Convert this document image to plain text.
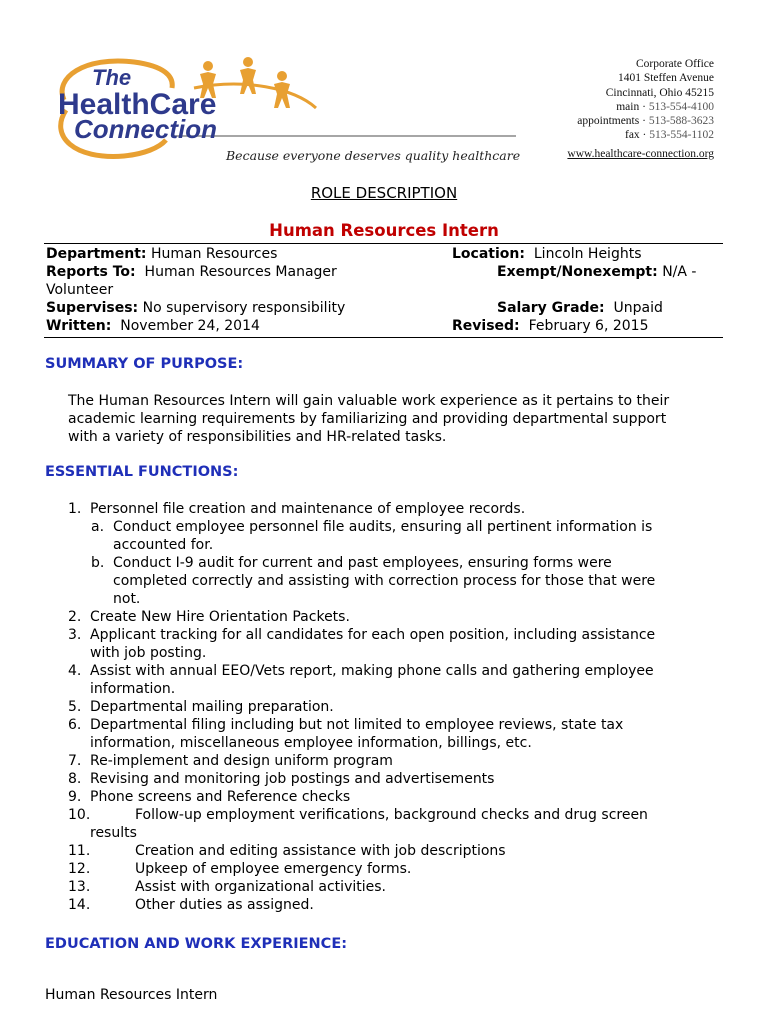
The
HealthCare
Connection
Because everyone deserves quality healthcare
Corporate Office
1401 Steffen Avenue
Cincinnati, Ohio 45215
main · 513-554-4100
appointments · 513-588-3623
fax · 513-554-1102
www.healthcare-connection.org
ROLE DESCRIPTION
Human Resources Intern
Department: Human Resources	Location: Lincoln Heights
Reports To: Human Resources Manager	Exempt/Nonexempt: N/A -
Volunteer
Supervises: No supervisory responsibility	Salary Grade: Unpaid
Written: November 24, 2014	Revised: February 6, 2015
SUMMARY OF PURPOSE:
The Human Resources Intern will gain valuable work experience as it pertains to their
academic learning requirements by familiarizing and providing departmental support
with a variety of responsibilities and HR-related tasks.
ESSENTIAL FUNCTIONS:
1. Personnel file creation and maintenance of employee records.
a. Conduct employee personnel file audits, ensuring all pertinent information is
accounted for.
b. Conduct I-9 audit for current and past employees, ensuring forms were
completed correctly and assisting with correction process for those that were
not.
2. Create New Hire Orientation Packets.
3. Applicant tracking for all candidates for each open position, including assistance
with job posting.
4. Assist with annual EEO/Vets report, making phone calls and gathering employee
information.
5. Departmental mailing preparation.
6. Departmental filing including but not limited to employee reviews, state tax
information, miscellaneous employee information, billings, etc.
7. Re-implement and design uniform program
8. Revising and monitoring job postings and advertisements
9. Phone screens and Reference checks
10.	Follow-up employment verifications, background checks and drug screen
results
11.	Creation and editing assistance with job descriptions
12.	Upkeep of employee emergency forms.
13.	Assist with organizational activities.
14.	Other duties as assigned.
EDUCATION AND WORK EXPERIENCE:
Human Resources Intern
